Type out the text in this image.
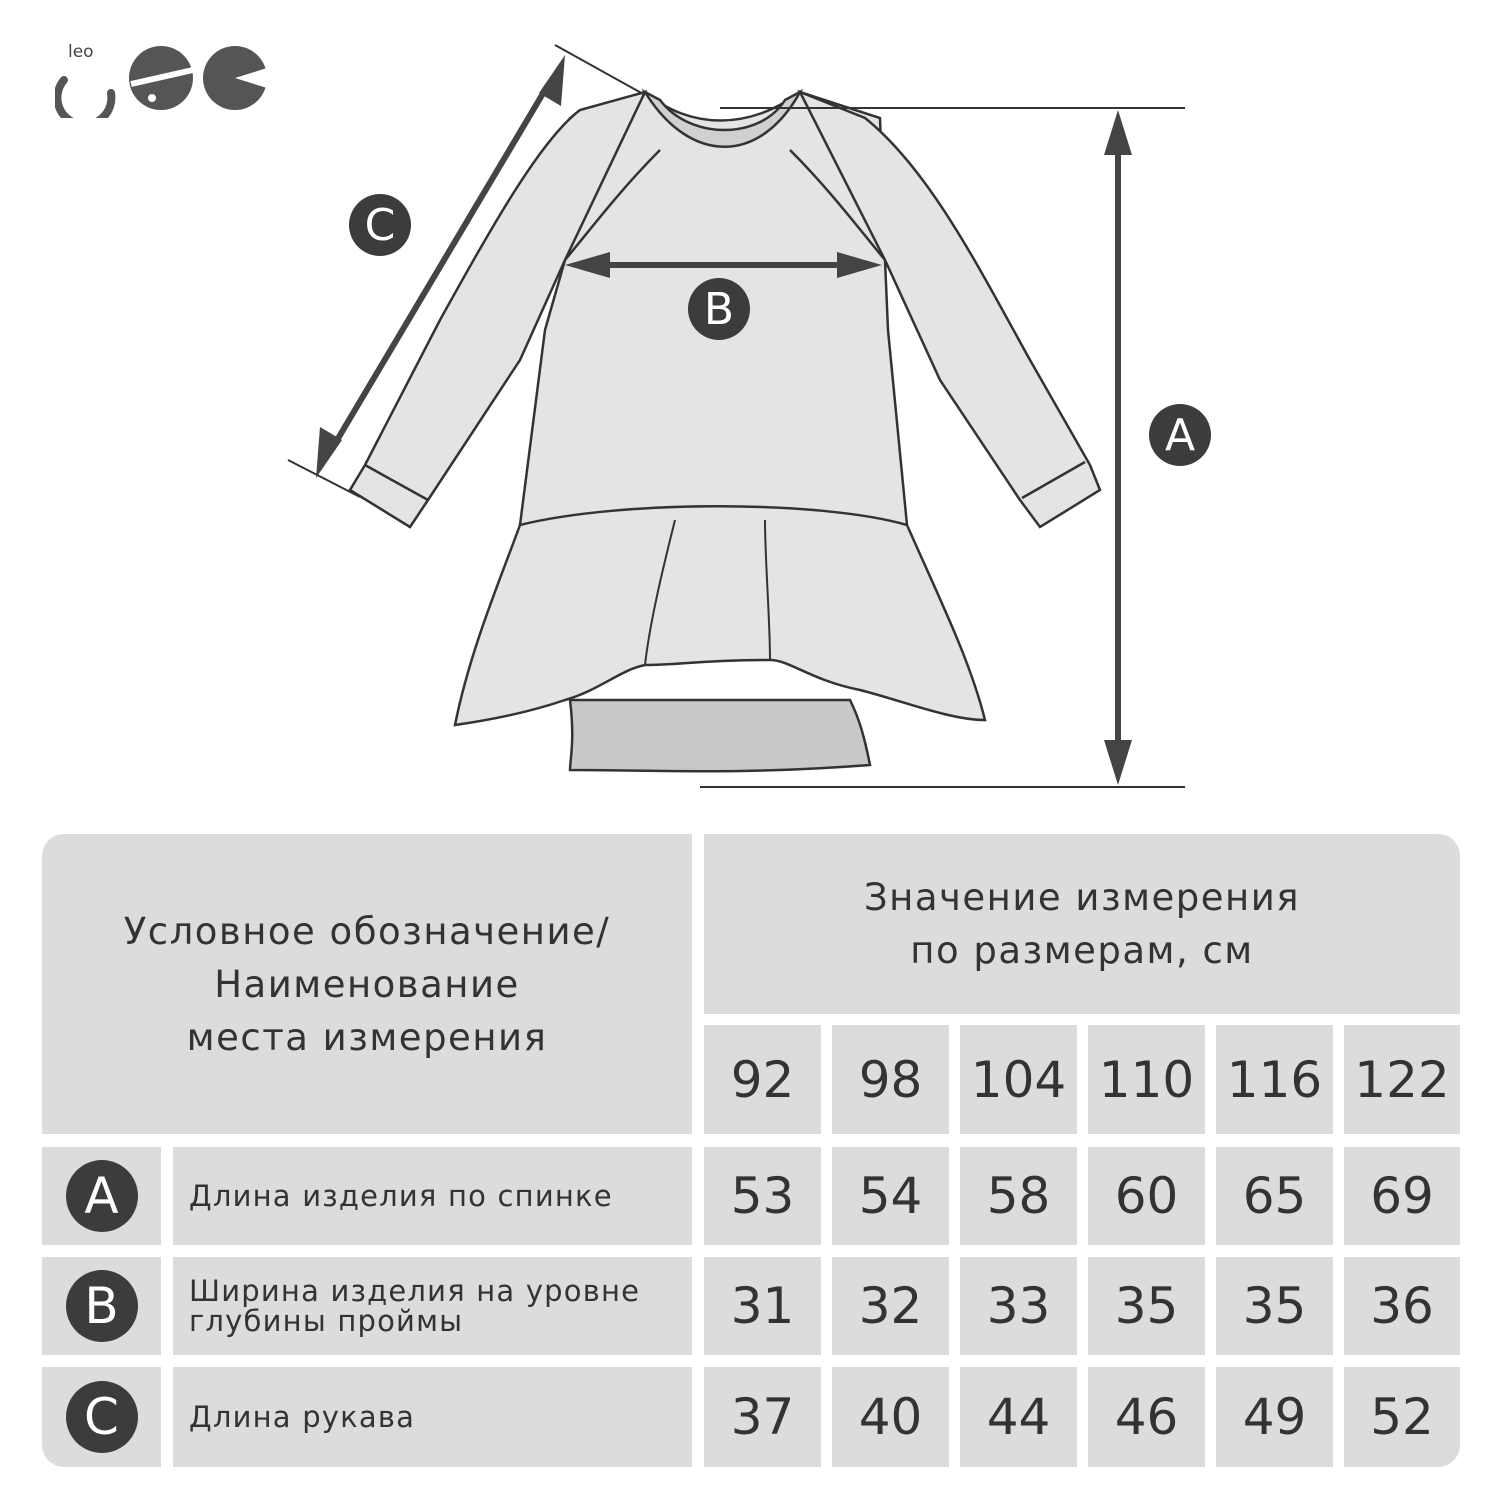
leo
A
B
C
Условное обозначение/
Наименование
места измерения
Значение измерения
по размерам, см
92	98 104 110 116 122
A	Длина изделия по спинке	53	54	58	60	65	69
B	Ширина изделия на уровне
глубины проймы	31	32	33	35	35	36
C	Длина рукава	37	40	44	46	49	52
